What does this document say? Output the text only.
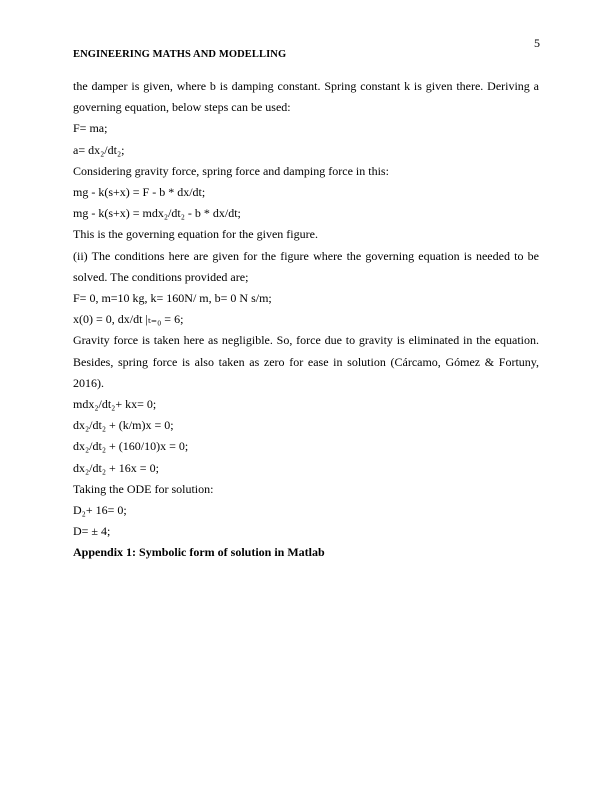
5
ENGINEERING MATHS AND MODELLING

the damper is given, where b is damping constant. Spring constant k is given there. Deriving a governing equation, below steps can be used:

F= ma;

a= dx₂/dt₂;

Considering gravity force, spring force and damping force in this:

mg - k(s+x) = F - b * dx/dt;

mg - k(s+x) = mdx₂/dt₂ - b * dx/dt;

This is the governing equation for the given figure.

(ii) The conditions here are given for the figure where the governing equation is needed to be solved. The conditions provided are;

F= 0, m=10 kg, k= 160N/ m, b= 0 N s/m;

x(0) = 0, dx/dt |ₜ₌₀ = 6;

Gravity force is taken here as negligible. So, force due to gravity is eliminated in the equation. Besides, spring force is also taken as zero for ease in solution (Cárcamo, Gómez & Fortuny, 2016).

mdx₂/dt₂+ kx= 0;

dx₂/dt₂ + (k/m)x = 0;

dx₂/dt₂ + (160/10)x = 0;

dx₂/dt₂ + 16x = 0;

Taking the ODE for solution:

D₂+ 16= 0;

D= ± 4;

Appendix 1: Symbolic form of solution in Matlab
